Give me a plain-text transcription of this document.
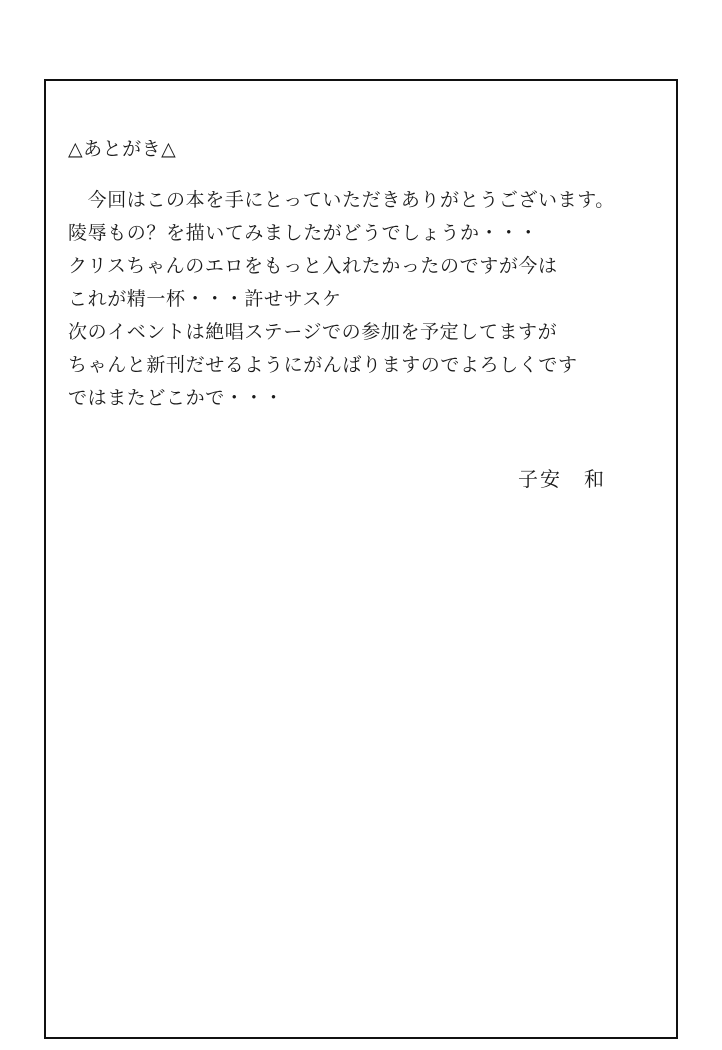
△あとがき△
　今回はこの本を手にとっていただきありがとうございます。
陵辱もの？を描いてみましたがどうでしょうか・・・
クリスちゃんのエロをもっと入れたかったのですが今は
これが精一杯・・・許せサスケ
次のイベントは絶唱ステージでの参加を予定してますが
ちゃんと新刊だせるようにがんばりますのでよろしくです
ではまたどこかで・・・
子安　和
